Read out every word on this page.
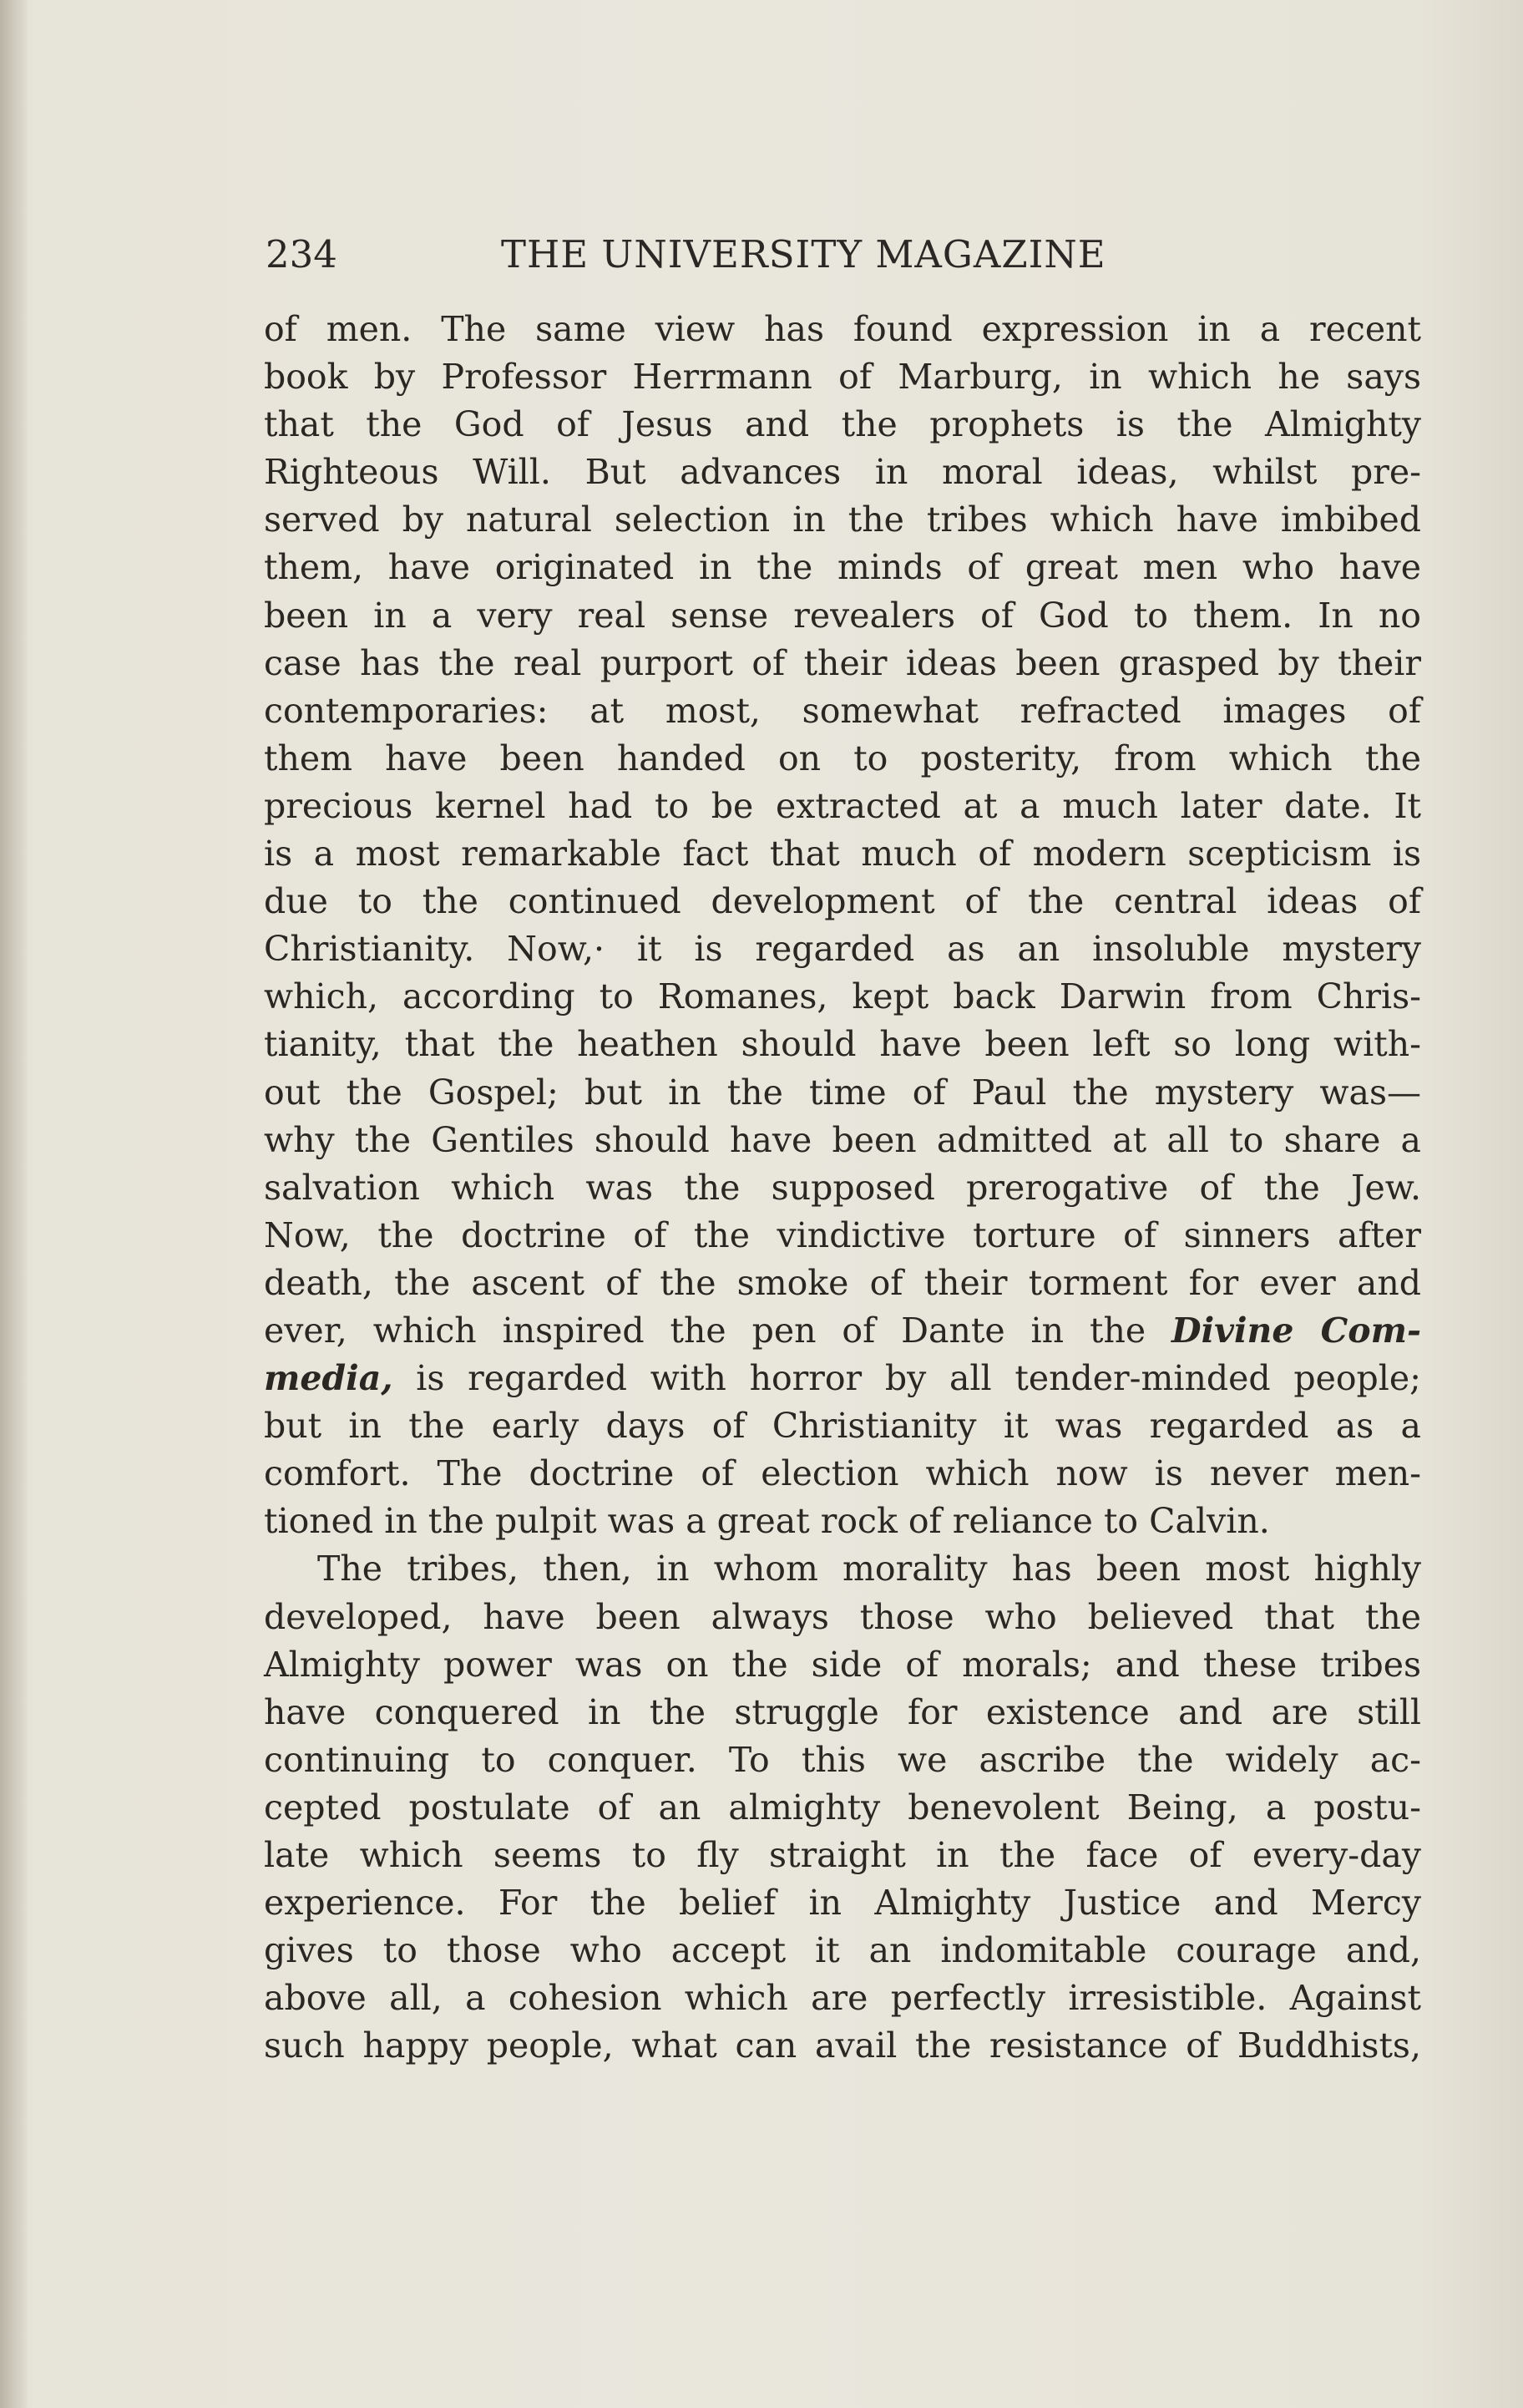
234	THE UNIVERSITY MAGAZINE
of men. The same view has found expression in a recent
book by Professor Herrmann of Marburg, in which he says
that the God of Jesus and the prophets is the Almighty
Righteous Will. But advances in moral ideas, whilst pre-
served by natural selection in the tribes which have imbibed
them, have originated in the minds of great men who have
been in a very real sense revealers of God to them. In no
case has the real purport of their ideas been grasped by their
contemporaries: at most, somewhat refracted images of
them have been handed on to posterity, from which the
precious kernel had to be extracted at a much later date. It
is a most remarkable fact that much of modern scepticism is
due to the continued development of the central ideas of
Christianity. Now,· it is regarded as an insoluble mystery
which, according to Romanes, kept back Darwin from Chris-
tianity, that the heathen should have been left so long with-
out the Gospel; but in the time of Paul the mystery was—
why the Gentiles should have been admitted at all to share a
salvation which was the supposed prerogative of the Jew.
Now, the doctrine of the vindictive torture of sinners after
death, the ascent of the smoke of their torment for ever and
ever, which inspired the pen of Dante in the Divine Com-
media, is regarded with horror by all tender-minded people;
but in the early days of Christianity it was regarded as a
comfort. The doctrine of election which now is never men-
tioned in the pulpit was a great rock of reliance to Calvin.
The tribes, then, in whom morality has been most highly
developed, have been always those who believed that the
Almighty power was on the side of morals; and these tribes
have conquered in the struggle for existence and are still
continuing to conquer. To this we ascribe the widely ac-
cepted postulate of an almighty benevolent Being, a postu-
late which seems to fly straight in the face of every-day
experience. For the belief in Almighty Justice and Mercy
gives to those who accept it an indomitable courage and,
above all, a cohesion which are perfectly irresistible. Against
such happy people, what can avail the resistance of Buddhists,
